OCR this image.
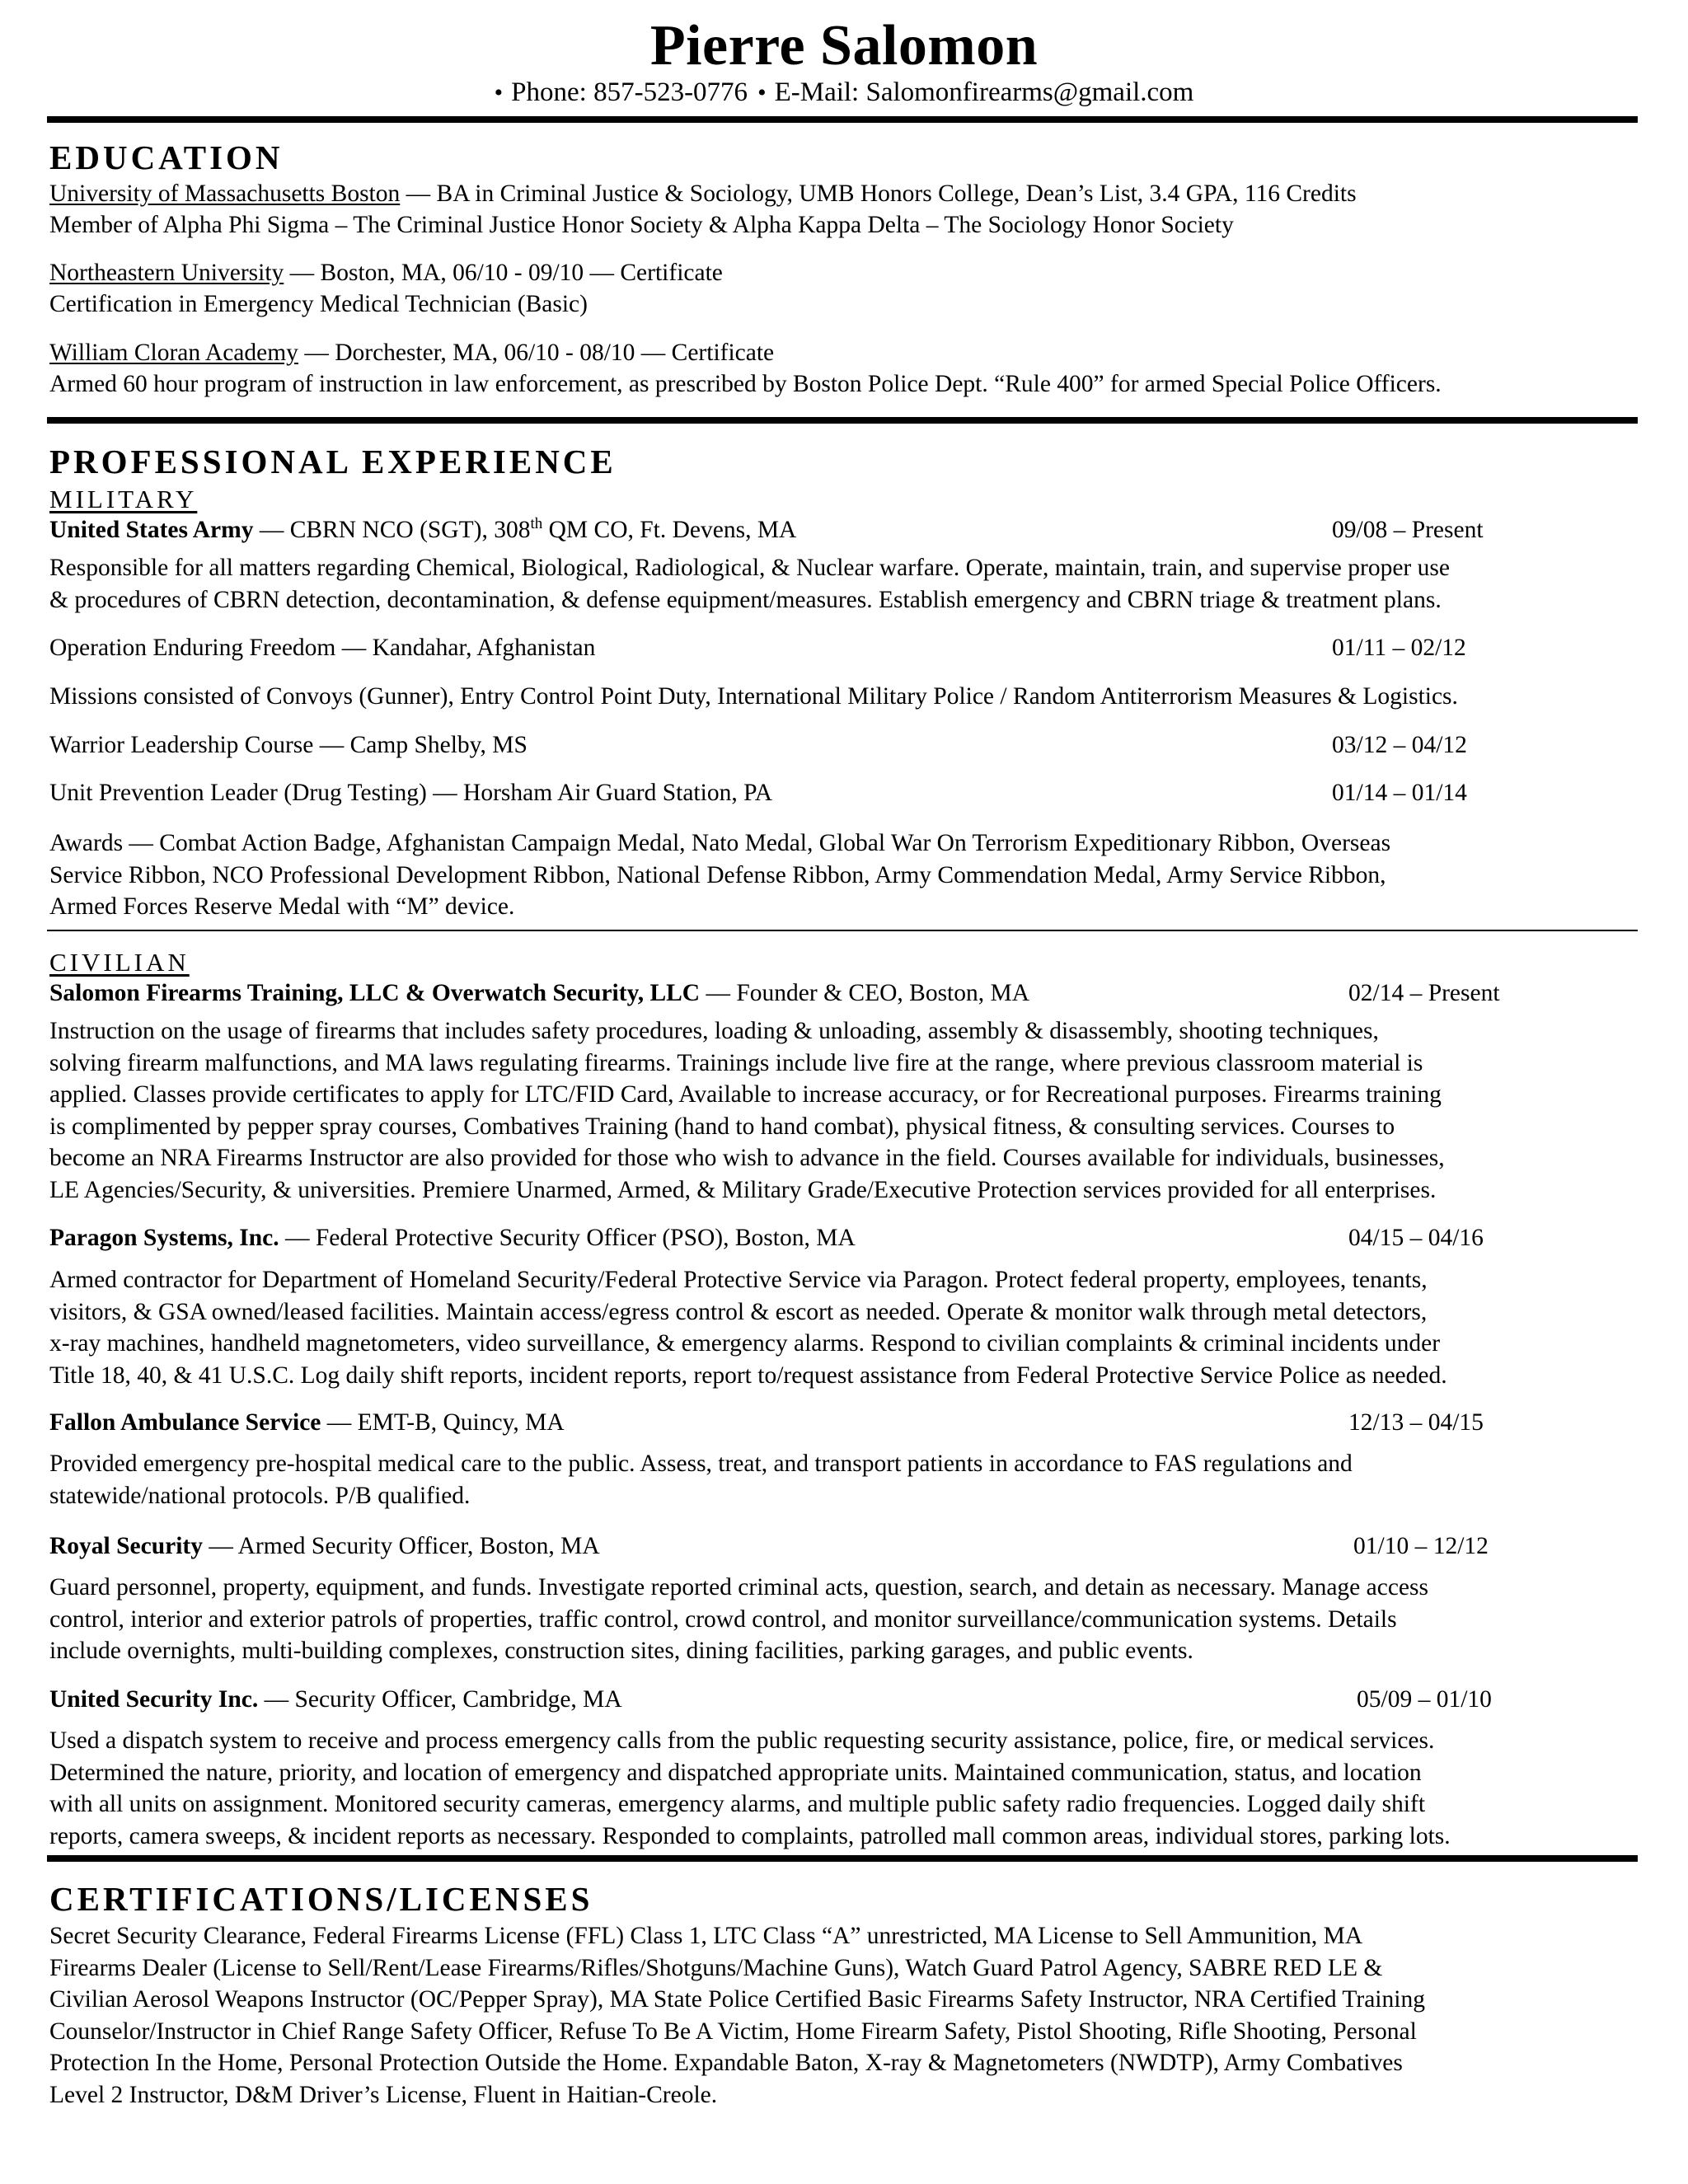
Pierre Salomon
• Phone: 857-523-0776 • E-Mail: Salomonfirearms@gmail.com
EDUCATION
University of Massachusetts Boston — BA in Criminal Justice & Sociology, UMB Honors College, Dean’s List, 3.4 GPA, 116 Credits
Member of Alpha Phi Sigma – The Criminal Justice Honor Society & Alpha Kappa Delta – The Sociology Honor Society
Northeastern University — Boston, MA, 06/10 - 09/10 — Certificate
Certification in Emergency Medical Technician (Basic)
William Cloran Academy — Dorchester, MA, 06/10 - 08/10 — Certificate
Armed 60 hour program of instruction in law enforcement, as prescribed by Boston Police Dept. “Rule 400” for armed Special Police Officers.
PROFESSIONAL EXPERIENCE
MILITARY
United States Army — CBRN NCO (SGT), 308th QM CO, Ft. Devens, MA	09/08 – Present
Responsible for all matters regarding Chemical, Biological, Radiological, & Nuclear warfare. Operate, maintain, train, and supervise proper use
& procedures of CBRN detection, decontamination, & defense equipment/measures. Establish emergency and CBRN triage & treatment plans.
Operation Enduring Freedom — Kandahar, Afghanistan	01/11 – 02/12
Missions consisted of Convoys (Gunner), Entry Control Point Duty, International Military Police / Random Antiterrorism Measures & Logistics.
Warrior Leadership Course — Camp Shelby, MS	03/12 – 04/12
Unit Prevention Leader (Drug Testing) — Horsham Air Guard Station, PA	01/14 – 01/14
Awards — Combat Action Badge, Afghanistan Campaign Medal, Nato Medal, Global War On Terrorism Expeditionary Ribbon, Overseas
Service Ribbon, NCO Professional Development Ribbon, National Defense Ribbon, Army Commendation Medal, Army Service Ribbon,
Armed Forces Reserve Medal with “M” device.
CIVILIAN
Salomon Firearms Training, LLC & Overwatch Security, LLC — Founder & CEO, Boston, MA	02/14 – Present
Instruction on the usage of firearms that includes safety procedures, loading & unloading, assembly & disassembly, shooting techniques,
solving firearm malfunctions, and MA laws regulating firearms. Trainings include live fire at the range, where previous classroom material is
applied. Classes provide certificates to apply for LTC/FID Card, Available to increase accuracy, or for Recreational purposes. Firearms training
is complimented by pepper spray courses, Combatives Training (hand to hand combat), physical fitness, & consulting services. Courses to
become an NRA Firearms Instructor are also provided for those who wish to advance in the field. Courses available for individuals, businesses,
LE Agencies/Security, & universities. Premiere Unarmed, Armed, & Military Grade/Executive Protection services provided for all enterprises.
Paragon Systems, Inc. — Federal Protective Security Officer (PSO), Boston, MA	04/15 – 04/16
Armed contractor for Department of Homeland Security/Federal Protective Service via Paragon. Protect federal property, employees, tenants,
visitors, & GSA owned/leased facilities. Maintain access/egress control & escort as needed. Operate & monitor walk through metal detectors,
x-ray machines, handheld magnetometers, video surveillance, & emergency alarms. Respond to civilian complaints & criminal incidents under
Title 18, 40, & 41 U.S.C. Log daily shift reports, incident reports, report to/request assistance from Federal Protective Service Police as needed.
Fallon Ambulance Service — EMT-B, Quincy, MA	12/13 – 04/15
Provided emergency pre-hospital medical care to the public. Assess, treat, and transport patients in accordance to FAS regulations and
statewide/national protocols. P/B qualified.
Royal Security — Armed Security Officer, Boston, MA	01/10 – 12/12
Guard personnel, property, equipment, and funds. Investigate reported criminal acts, question, search, and detain as necessary. Manage access
control, interior and exterior patrols of properties, traffic control, crowd control, and monitor surveillance/communication systems. Details
include overnights, multi-building complexes, construction sites, dining facilities, parking garages, and public events.
United Security Inc. — Security Officer, Cambridge, MA	05/09 – 01/10
Used a dispatch system to receive and process emergency calls from the public requesting security assistance, police, fire, or medical services.
Determined the nature, priority, and location of emergency and dispatched appropriate units. Maintained communication, status, and location
with all units on assignment. Monitored security cameras, emergency alarms, and multiple public safety radio frequencies. Logged daily shift
reports, camera sweeps, & incident reports as necessary. Responded to complaints, patrolled mall common areas, individual stores, parking lots.
CERTIFICATIONS/LICENSES
Secret Security Clearance, Federal Firearms License (FFL) Class 1, LTC Class “A” unrestricted, MA License to Sell Ammunition, MA
Firearms Dealer (License to Sell/Rent/Lease Firearms/Rifles/Shotguns/Machine Guns), Watch Guard Patrol Agency, SABRE RED LE &
Civilian Aerosol Weapons Instructor (OC/Pepper Spray), MA State Police Certified Basic Firearms Safety Instructor, NRA Certified Training
Counselor/Instructor in Chief Range Safety Officer, Refuse To Be A Victim, Home Firearm Safety, Pistol Shooting, Rifle Shooting, Personal
Protection In the Home, Personal Protection Outside the Home. Expandable Baton, X-ray & Magnetometers (NWDTP), Army Combatives
Level 2 Instructor, D&M Driver’s License, Fluent in Haitian-Creole.
